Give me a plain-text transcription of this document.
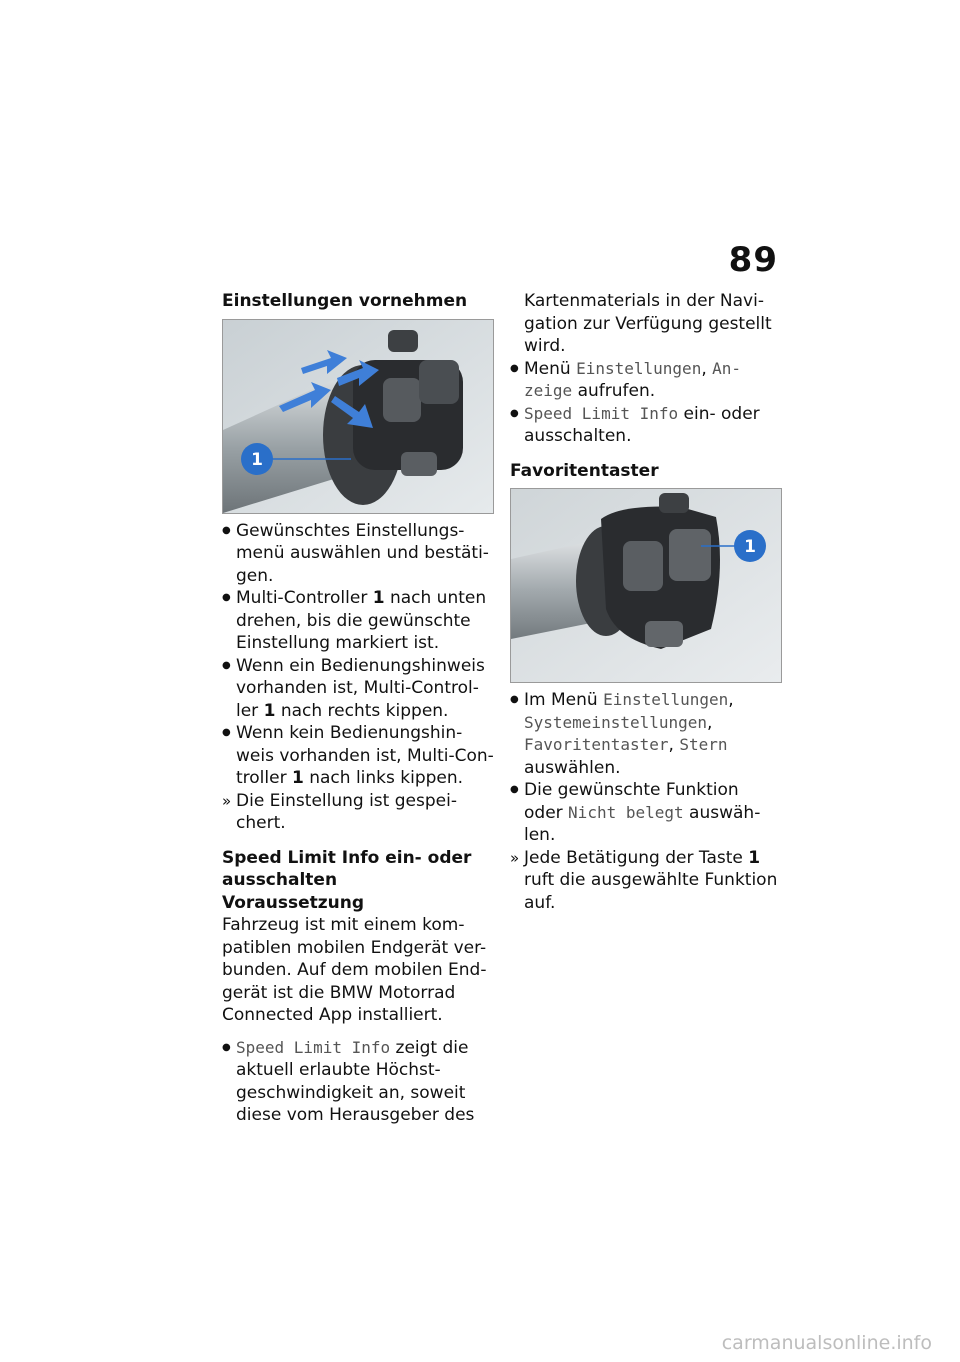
89
Einstellungen vornehmen
1
● Gewünschtes Einstellungs-menü auswählen und bestäti-gen.
● Multi-Controller 1 nach unten drehen, bis die gewünschte Einstellung markiert ist.
● Wenn ein Bedienungshinweis vorhanden ist, Multi-Control-ler 1 nach rechts kippen.
● Wenn kein Bedienungshin-weis vorhanden ist, Multi-Con-troller 1 nach links kippen.
» Die Einstellung ist gespei-chert.
Speed Limit Info ein- oder ausschalten
Voraussetzung

Fahrzeug ist mit einem kom-patiblen mobilen Endgerät ver-bunden. Auf dem mobilen End-gerät ist die BMW Motorrad Connected App installiert.

● Speed Limit Info zeigt die aktuell erlaubte Höchst-geschwindigkeit an, soweit diese vom Herausgeber des

Kartenmaterials in der Navi-gation zur Verfügung gestellt wird.

● Menü Einstellungen, An-zeige aufrufen.
● Speed Limit Info ein- oder ausschalten.
Favoritentaster
1
● Im Menü Einstellungen, Systemeinstellungen, Favoritentaster, Stern auswählen.
● Die gewünschte Funktion oder Nicht belegt auswäh-len.
» Jede Betätigung der Taste 1 ruft die ausgewählte Funktion auf.
carmanualsonline.info
